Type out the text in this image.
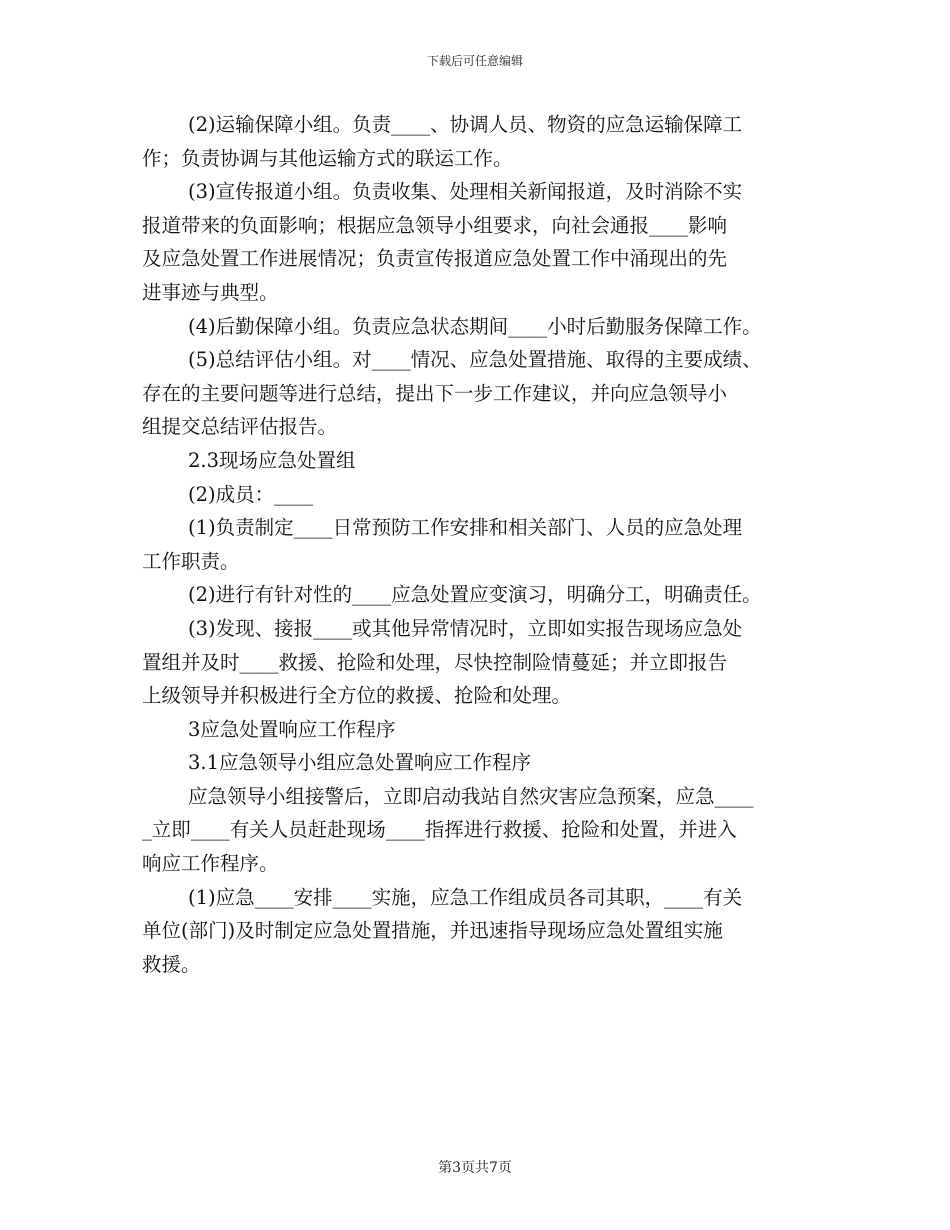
下载后可任意编辑
(2)运输保障小组。负责____、协调人员、物资的应急运输保障工
作；负责协调与其他运输方式的联运工作。
(3)宣传报道小组。负责收集、处理相关新闻报道，及时消除不实
报道带来的负面影响；根据应急领导小组要求，向社会通报____影响
及应急处置工作进展情况；负责宣传报道应急处置工作中涌现出的先
进事迹与典型。
(4)后勤保障小组。负责应急状态期间____小时后勤服务保障工作。
(5)总结评估小组。对____情况、应急处置措施、取得的主要成绩、
存在的主要问题等进行总结，提出下一步工作建议，并向应急领导小
组提交总结评估报告。
2.3现场应急处置组
(2)成员：____
(1)负责制定____日常预防工作安排和相关部门、人员的应急处理
工作职责。
(2)进行有针对性的____应急处置应变演习，明确分工，明确责任。
(3)发现、接报____或其他异常情况时，立即如实报告现场应急处
置组并及时____救援、抢险和处理，尽快控制险情蔓延；并立即报告
上级领导并积极进行全方位的救援、抢险和处理。
3应急处置响应工作程序
3.1应急领导小组应急处置响应工作程序
应急领导小组接警后，立即启动我站自然灾害应急预案，应急____
_立即____有关人员赶赴现场____指挥进行救援、抢险和处置，并进入
响应工作程序。
(1)应急____安排____实施，应急工作组成员各司其职，____有关
单位(部门)及时制定应急处置措施，并迅速指导现场应急处置组实施
救援。
第3页共7页
